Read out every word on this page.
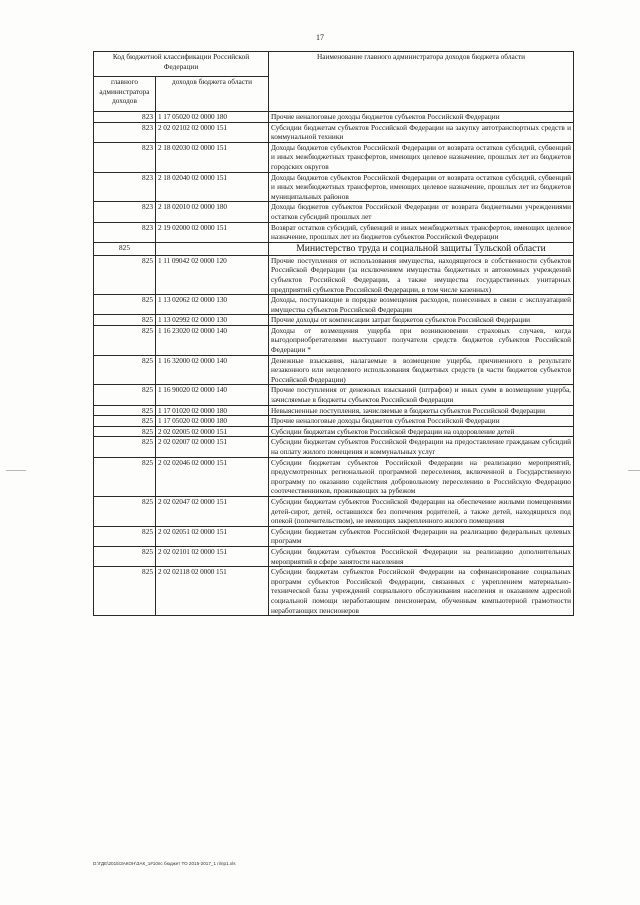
17
Код бюджетной классификации Российской Федерации		Наименование главного администратора доходов бюджета области
главного администратора доходов	доходов бюджета области	
823	1 17 05020 02 0000 180	Прочие неналоговые доходы бюджетов субъектов Российской Федерации
823	2 02 02102 02 0000 151	Субсидии бюджетам субъектов Российской Федерации на закупку автотранспортных средств и коммунальной техники
823	2 18 02030 02 0000 151	Доходы бюджетов субъектов Российской Федерации от возврата остатков субсидий, субвенций и иных межбюджетных трансфертов, имеющих целевое назначение, прошлых лет из бюджетов городских округов
823	2 18 02040 02 0000 151	Доходы бюджетов субъектов Российской Федерации от возврата остатков субсидий, субвенций и иных межбюджетных трансфертов, имеющих целевое назначение, прошлых лет из бюджетов муниципальных районов
823	2 18 02010 02 0000 180	Доходы бюджетов субъектов Российской Федерации от возврата бюджетными учреждениями остатков субсидий прошлых лет
823	2 19 02000 02 0000 151	Возврат остатков субсидий, субвенций и иных межбюджетных трансфертов, имеющих целевое назначение, прошлых лет из бюджетов субъектов Российской Федерации
825		Министерство труда и социальной защиты Тульской области
825	1 11 09042 02 0000 120	Прочие поступления от использования имущества, находящегося в собственности субъектов Российской Федерации (за исключением имущества бюджетных и автономных учреждений субъектов Российской Федерации, а также имущества государственных унитарных предприятий субъектов Российской Федерации, в том числе казенных)
825	1 13 02062 02 0000 130	Доходы, поступающие в порядке возмещения расходов, понесенных в связи с эксплуатацией имущества субъектов Российской Федерации
825	1 13 02992 02 0000 130	Прочие доходы от компенсации затрат бюджетов субъектов Российской Федерации
825	1 16 23020 02 0000 140	Доходы от возмещения ущерба при возникновении страховых случаев, когда выгодоприобретателями выступают получатели средств бюджетов субъектов Российской Федерации *
825	1 16 32000 02 0000 140	Денежные взыскания, налагаемые в возмещение ущерба, причиненного в результате незаконного или нецелевого использования бюджетных средств (в части бюджетов субъектов Российской Федерации)
825	1 16 90020 02 0000 140	Прочие поступления от денежных взысканий (штрафов) и иных сумм в возмещение ущерба, зачисляемые в бюджеты субъектов Российской Федерации
825	1 17 01020 02 0000 180	Невыясненные поступления, зачисляемые в бюджеты субъектов Российской Федерации
825	1 17 05020 02 0000 180	Прочие неналоговые доходы бюджетов субъектов Российской Федерации
825	2 02 02005 02 0000 151	Субсидии бюджетам субъектов Российской Федерации на оздоровление детей
825	2 02 02007 02 0000 151	Субсидии бюджетам субъектов Российской Федерации на предоставление гражданам субсидий на оплату жилого помещения и коммунальных услуг
825	2 02 02046 02 0000 151	Субсидии бюджетам субъектов Российской Федерации на реализацию мероприятий, предусмотренных региональной программой переселения, включенной в Государственную программу по оказанию содействия добровольному переселению в Российскую Федерацию соотечественников, проживающих за рубежом
825	2 02 02047 02 0000 151	Субсидии бюджетам субъектов Российской Федерации на обеспечение жилыми помещениями детей-сирот, детей, оставшихся без попечения родителей, а также детей, находящихся под опекой (попечительством), не имеющих закрепленного жилого помещения
825	2 02 02051 02 0000 151	Субсидии бюджетам субъектов Российской Федерации на реализацию федеральных целевых программ
825	2 02 02101 02 0000 151	Субсидии бюджетам субъектов Российской Федерации на реализацию дополнительных мероприятий в сфере занятости населения
825	2 02 02118 02 0000 151	Субсидии бюджетам субъектов Российской Федерации на софинансирование социальных программ субъектов Российской Федерации, связанных с укреплением материально-технической базы учреждений социального обслуживания населения и оказанием адресной социальной помощи неработающим пенсионерам, обученным компьютерной грамотности неработающих пенсионеров
D:\ГДЕ\2015\ЗАКОН\ЗАК_1#10пс бюджет ТО 2015-2017_1 п\пр1.xls
